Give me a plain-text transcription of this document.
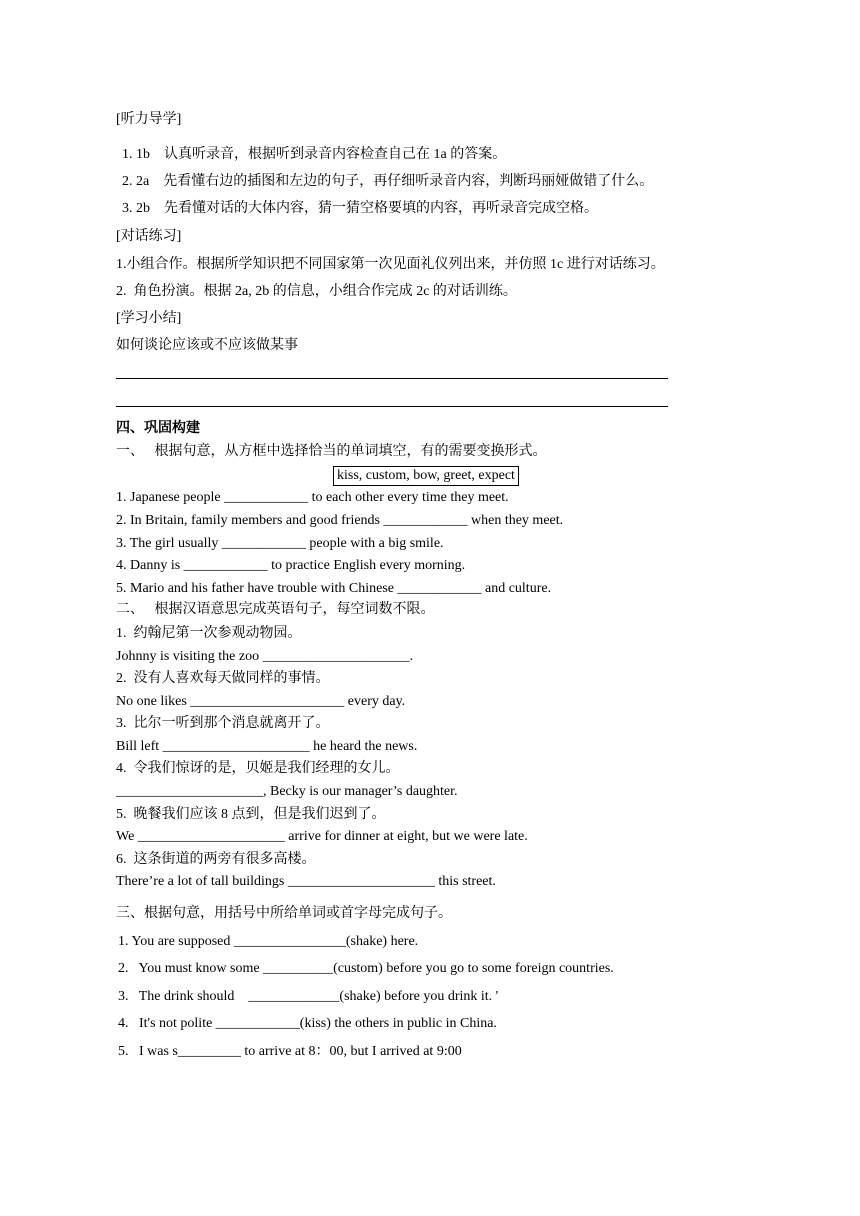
[听力导学]
1. 1b    认真听录音，根据听到录音内容检查自己在 1a 的答案。
2. 2a    先看懂右边的插图和左边的句子，再仔细听录音内容，判断玛丽娅做错了什么。
3. 2b    先看懂对话的大体内容，猜一猜空格要填的内容，再听录音完成空格。
[对话练习]
1.小组合作。根据所学知识把不同国家第一次见面礼仪列出来，并仿照 1c 进行对话练习。
2.  角色扮演。根据 2a, 2b 的信息，小组合作完成 2c 的对话训练。
[学习小结]
如何谈论应该或不应该做某事
四、巩固构建
一、   根据句意，从方框中选择恰当的单词填空，有的需要变换形式。
kiss, custom, bow, greet, expect
1. Japanese people ____________ to each other every time they meet.
2. In Britain, family members and good friends ____________ when they meet.
3. The girl usually ____________ people with a big smile.
4. Danny is ____________ to practice English every morning.
5. Mario and his father have trouble with Chinese ____________ and culture.
二、   根据汉语意思完成英语句子，每空词数不限。
1.  约翰尼第一次参观动物园。
Johnny is visiting the zoo _____________________.
2.  没有人喜欢每天做同样的事情。
No one likes ______________________ every day.
3.  比尔一听到那个消息就离开了。
Bill left _____________________ he heard the news.
4.  令我们惊讶的是，贝姬是我们经理的女儿。
_____________________, Becky is our manager’s daughter.
5.  晚餐我们应该 8 点到，但是我们迟到了。
We _____________________ arrive for dinner at eight, but we were late.
6.  这条街道的两旁有很多高楼。
There’re a lot of tall buildings _____________________ this street.
三、根据句意，用括号中所给单词或首字母完成句子。
1. You are supposed ________________(shake) here.
2.   You must know some __________(custom) before you go to some foreign countries.
3.   The drink should    _____________(shake) before you drink it. '
4.   It's not polite ____________(kiss) the others in public in China.
5.   I was s_________ to arrive at 8：00, but I arrived at 9:00
